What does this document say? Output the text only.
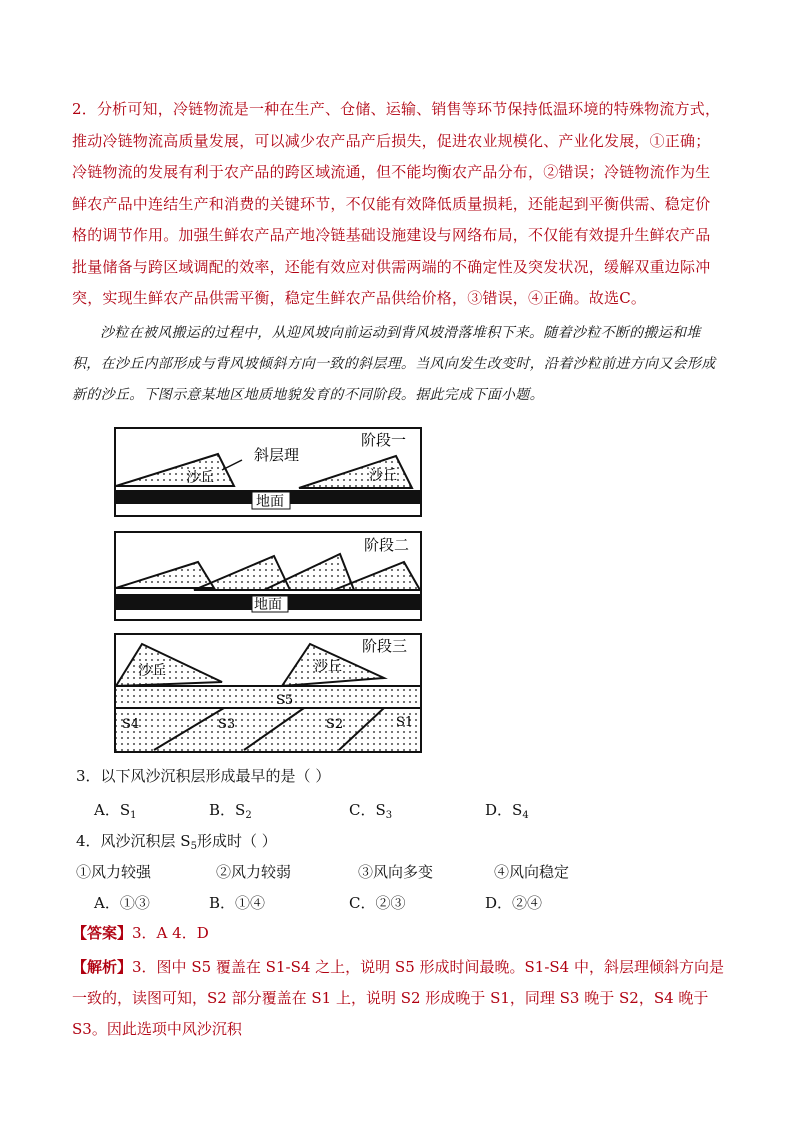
2．分析可知，冷链物流是一种在生产、仓储、运输、销售等环节保持低温环境的特殊物流方式，推动冷链物流高质量发展，可以减少农产品产后损失，促进农业规模化、产业化发展，①正确；冷链物流的发展有利于农产品的跨区域流通，但不能均衡农产品分布，②错误；冷链物流作为生鲜农产品中连结生产和消费的关键环节，不仅能有效降低质量损耗，还能起到平衡供需、稳定价格的调节作用。加强生鲜农产品产地冷链基础设施建设与网络布局，不仅能有效提升生鲜农产品批量储备与跨区域调配的效率，还能有效应对供需两端的不确定性及突发状况，缓解双重边际冲突，实现生鲜农产品供需平衡，稳定生鲜农产品供给价格，③错误，④正确。故选C。
沙粒在被风搬运的过程中，从迎风坡向前运动到背风坡滑落堆积下来。随着沙粒不断的搬运和堆积，在沙丘内部形成与背风坡倾斜方向一致的斜层理。当风向发生改变时，沿着沙粒前进方向又会形成新的沙丘。下图示意某地区地质地貌发育的不同阶段。据此完成下面小题。
阶段一
斜层理
沙丘	沙丘
地面
阶段二
地面
阶段三
沙丘	沙丘
S5
S4	S3	S2	S1
3．以下风沙沉积层形成最早的是（ ）
A．$S_1$	B．$S_2$	C．$S_3$	D．$S_4$
4．风沙沉积层 $S_5$形成时（ ）
①风力较强	②风力较弱	③风向多变	④风向稳定
A．①③	B．①④	C．②③	D．②④
【答案】3．A 4．D
【解析】3．图中 S5 覆盖在 S1-S4 之上，说明 S5 形成时间最晚。S1-S4 中，斜层理倾斜方向是一致的，读图可知，S2 部分覆盖在 S1 上，说明 S2 形成晚于 S1，同理 S3 晚于 S2，S4 晚于 S3。因此选项中风沙沉积
